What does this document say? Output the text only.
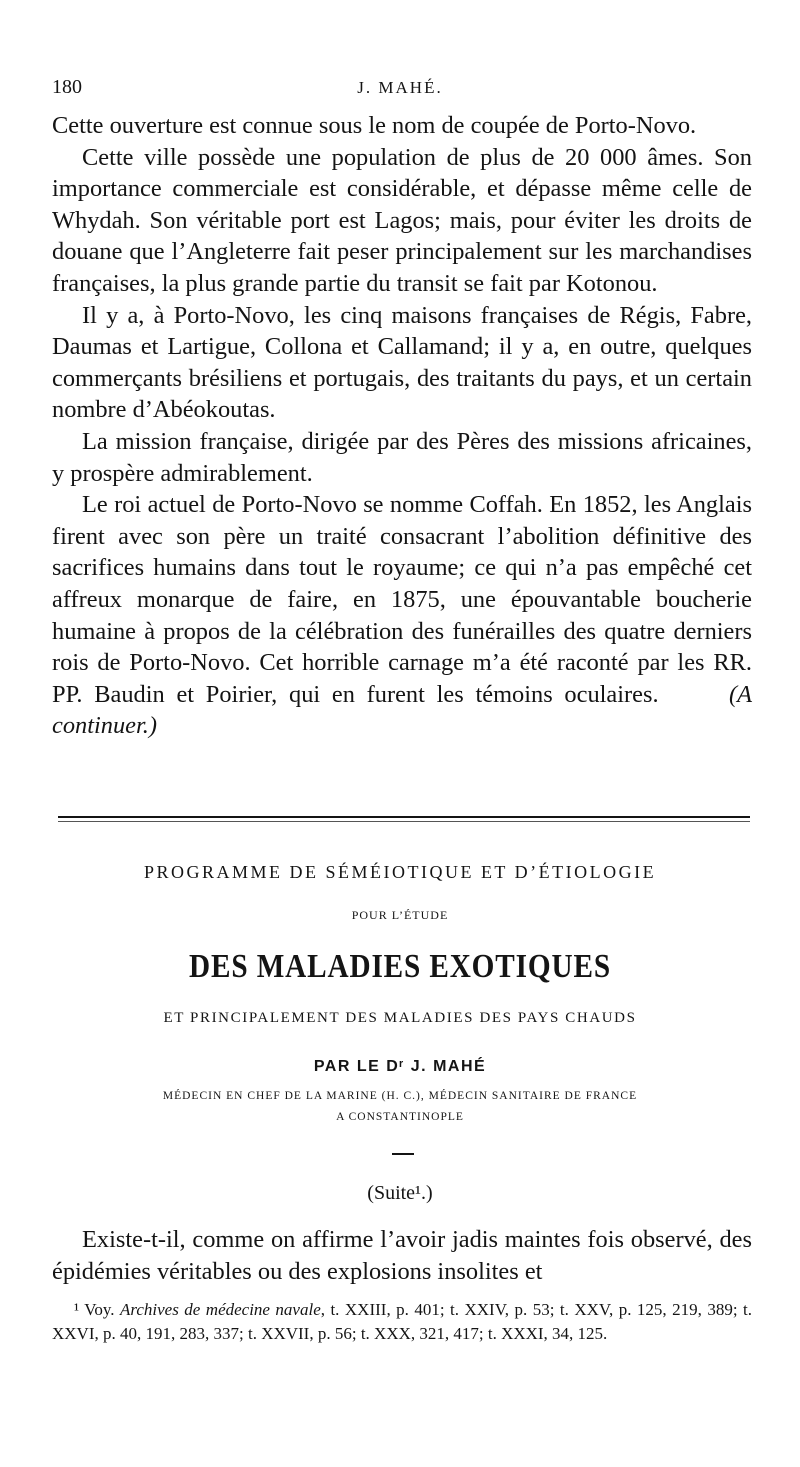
180	J. MAHÉ.

Cette ouverture est connue sous le nom de coupée de Porto-Novo.

Cette ville possède une population de plus de 20 000 âmes. Son importance commerciale est considérable, et dépasse même celle de Whydah. Son véritable port est Lagos; mais, pour éviter les droits de douane que l’Angleterre fait peser principalement sur les marchandises françaises, la plus grande partie du transit se fait par Kotonou.

Il y a, à Porto-Novo, les cinq maisons françaises de Régis, Fabre, Daumas et Lartigue, Collona et Callamand; il y a, en outre, quelques commerçants brésiliens et portugais, des traitants du pays, et un certain nombre d’Abéokoutas.

La mission française, dirigée par des Pères des missions africaines, y prospère admirablement.

Le roi actuel de Porto-Novo se nomme Coffah. En 1852, les Anglais firent avec son père un traité consacrant l’abolition définitive des sacrifices humains dans tout le royaume; ce qui n’a pas empêché cet affreux monarque de faire, en 1875, une épouvantable boucherie humaine à propos de la célébration des funérailles des quatre derniers rois de Porto-Novo. Cet horrible carnage m’a été raconté par les RR. PP. Baudin et Poirier, qui en furent les témoins oculaires.	(A continuer.)

PROGRAMME DE SÉMÉIOTIQUE ET D’ÉTIOLOGIE
POUR L’ÉTUDE
DES MALADIES EXOTIQUES
ET PRINCIPALEMENT DES MALADIES DES PAYS CHAUDS
PAR LE Dʳ J. MAHÉ
MÉDECIN EN CHEF DE LA MARINE (H. C.), MÉDECIN SANITAIRE DE FRANCE
A CONSTANTINOPLE
(Suite¹.)

Existe-t-il, comme on affirme l’avoir jadis maintes fois observé, des épidémies véritables ou des explosions insolites et

¹ Voy. Archives de médecine navale, t. XXIII, p. 401; t. XXIV, p. 53; t. XXV, p. 125, 219, 389; t. XXVI, p. 40, 191, 283, 337; t. XXVII, p. 56; t. XXX, 321, 417; t. XXXI, 34, 125.
